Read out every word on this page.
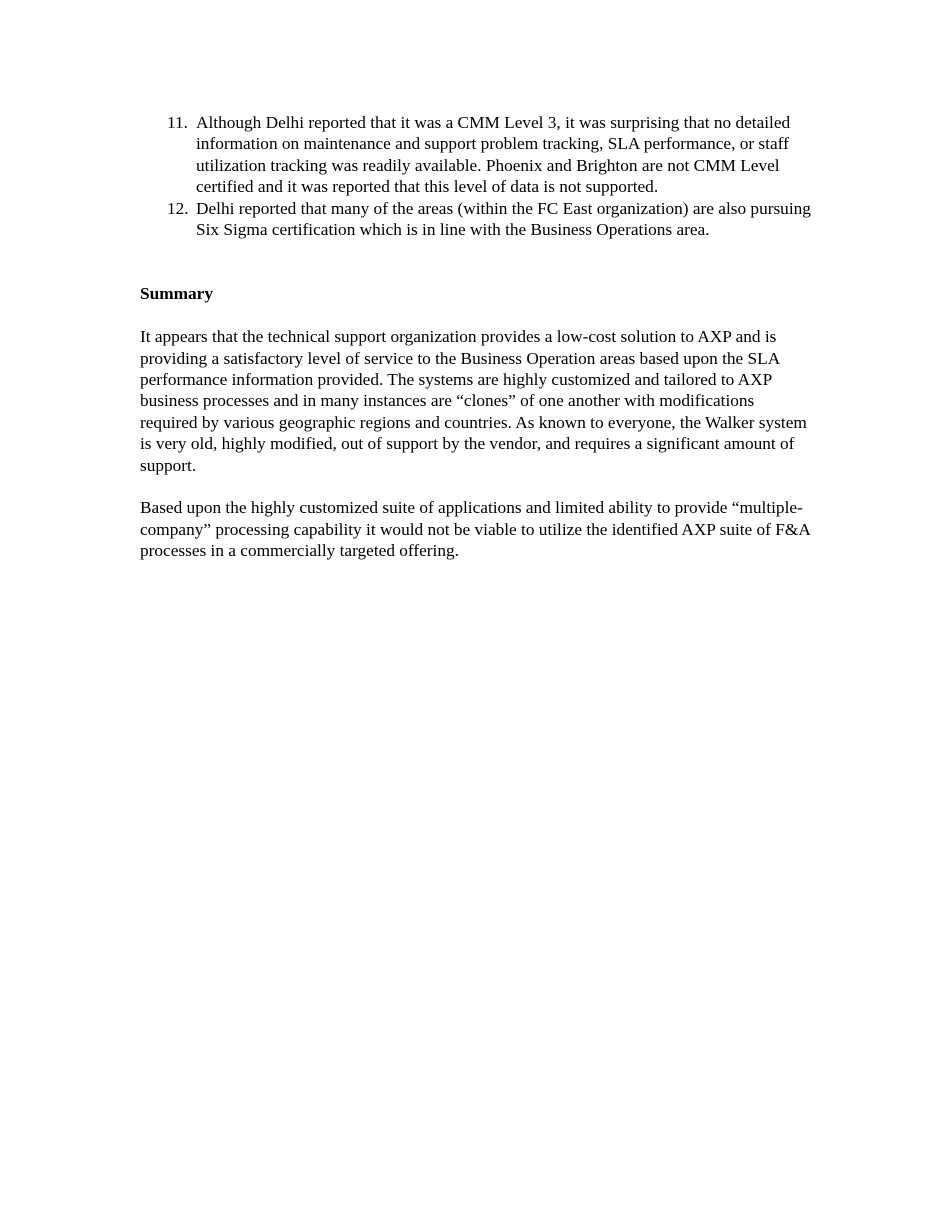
11. Although Delhi reported that it was a CMM Level 3, it was surprising that no detailed information on maintenance and support problem tracking, SLA performance, or staff utilization tracking was readily available. Phoenix and Brighton are not CMM Level certified and it was reported that this level of data is not supported.
12. Delhi reported that many of the areas (within the FC East organization) are also pursuing Six Sigma certification which is in line with the Business Operations area.
Summary

It appears that the technical support organization provides a low-cost solution to AXP and is providing a satisfactory level of service to the Business Operation areas based upon the SLA performance information provided. The systems are highly customized and tailored to AXP business processes and in many instances are “clones” of one another with modifications required by various geographic regions and countries. As known to everyone, the Walker system is very old, highly modified, out of support by the vendor, and requires a significant amount of support.

Based upon the highly customized suite of applications and limited ability to provide “multiple-company” processing capability it would not be viable to utilize the identified AXP suite of F&A processes in a commercially targeted offering.
